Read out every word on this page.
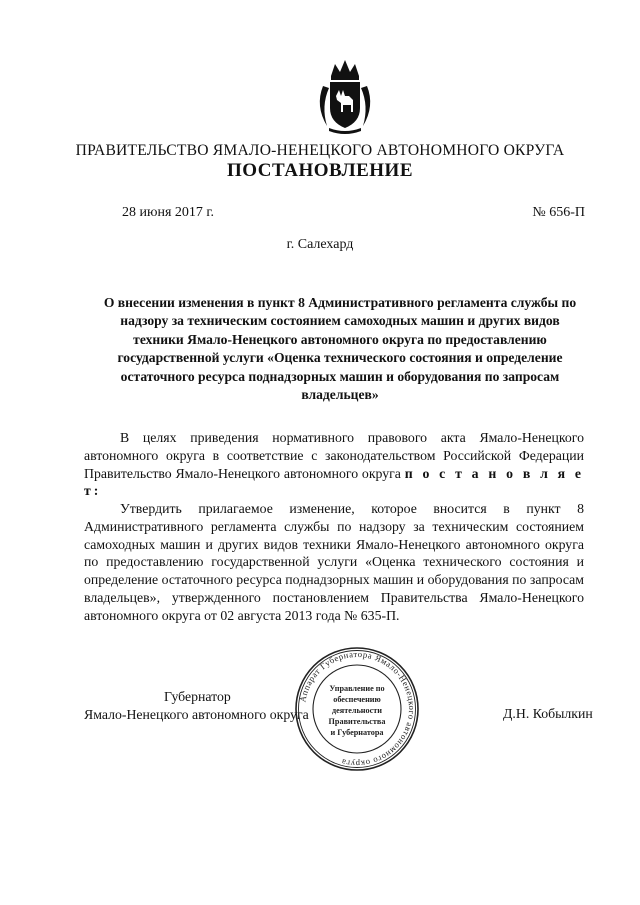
ПРАВИТЕЛЬСТВО ЯМАЛО-НЕНЕЦКОГО АВТОНОМНОГО ОКРУГА
ПОСТАНОВЛЕНИЕ
28 июня 2017 г.	№ 656-П
г. Салехард
О внесении изменения в пункт 8 Административного регламента службы по надзору за техническим состоянием самоходных машин и других видов техники Ямало-Ненецкого автономного округа по предоставлению государственной услуги «Оценка технического состояния и определение остаточного ресурса поднадзорных машин и оборудования по запросам владельцев»
В целях приведения нормативного правового акта Ямало-Ненецкого автономного округа в соответствие с законодательством Российской Федерации Правительство Ямало-Ненецкого автономного округа п о с т а н о в л я е т:
Утвердить прилагаемое изменение, которое вносится в пункт 8 Административного регламента службы по надзору за техническим состоянием самоходных машин и других видов техники Ямало-Ненецкого автономного округа по предоставлению государственной услуги «Оценка технического состояния и определение остаточного ресурса поднадзорных машин и оборудования по запросам владельцев», утвержденного постановлением Правительства Ямало-Ненецкого автономного округа от 02 августа 2013 года № 635-П.
Губернатор
Ямало-Ненецкого автономного округа	Д.Н. Кобылкин
Аппарат Губернатора Ямало-Ненецкого автономного округа
Управление по
обеспечению
деятельности
Правительства
и Губернатора
